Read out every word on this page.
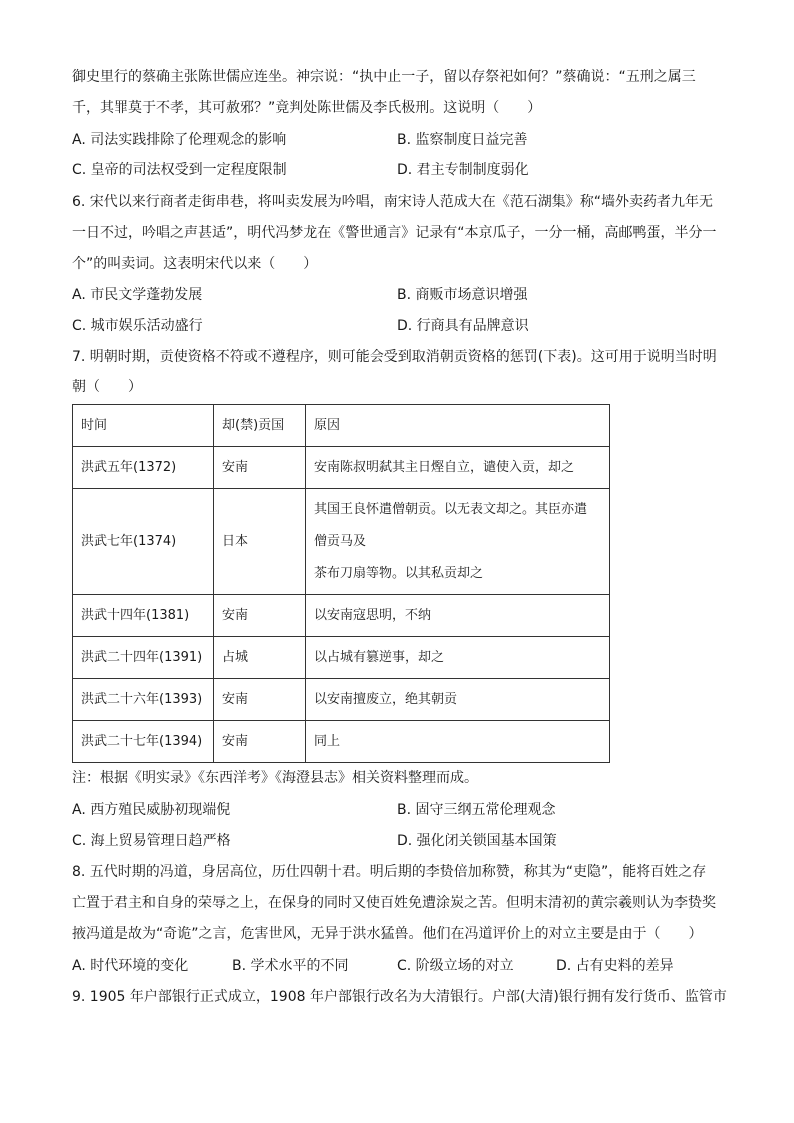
御史里行的蔡确主张陈世儒应连坐。神宗说：“执中止一子，留以存祭祀如何？”蔡确说：“五刑之属三
千，其罪莫于不孝，其可赦邪？”竟判处陈世儒及李氏极刑。这说明（　　）
A. 司法实践排除了伦理观念的影响	B. 监察制度日益完善
C. 皇帝的司法权受到一定程度限制	D. 君主专制制度弱化
6. 宋代以来行商者走街串巷，将叫卖发展为吟唱，南宋诗人范成大在《范石湖集》称“墙外卖药者九年无
一日不过，吟唱之声甚适”，明代冯梦龙在《警世通言》记录有“本京瓜子，一分一桶，高邮鸭蛋，半分一
个”的叫卖词。这表明宋代以来（　　）
A. 市民文学蓬勃发展	B. 商贩市场意识增强
C. 城市娱乐活动盛行	D. 行商具有品牌意识
7. 明朝时期，贡使资格不符或不遵程序，则可能会受到取消朝贡资格的惩罚(下表)。这可用于说明当时明
朝（　　）
时间	却(禁)贡国	原因
洪武五年(1372)	安南	安南陈叔明弑其主日熞自立，谴使入贡，却之
洪武七年(1374)	日本	其国王良怀遣僧朝贡。以无表文却之。其臣亦遣
僧贡马及
茶布刀扇等物。以其私贡却之

洪武十四年(1381)	安南	以安南寇思明，不纳
洪武二十四年(1391)	占城	以占城有篡逆事，却之
洪武二十六年(1393)	安南	以安南擅废立，绝其朝贡
洪武二十七年(1394)	安南	同上
注：根据《明实录》《东西洋考》《海澄县志》相关资料整理而成。
A. 西方殖民威胁初现端倪	B. 固守三纲五常伦理观念
C. 海上贸易管理日趋严格	D. 强化闭关锁国基本国策
8. 五代时期的冯道，身居高位，历仕四朝十君。明后期的李贽倍加称赞，称其为“吏隐”，能将百姓之存
亡置于君主和自身的荣辱之上，在保身的同时又使百姓免遭涂炭之苦。但明末清初的黄宗羲则认为李贽奖
掖冯道是故为“奇诡”之言，危害世风，无异于洪水猛兽。他们在冯道评价上的对立主要是由于（　　）
A. 时代环境的变化	B. 学术水平的不同	C. 阶级立场的对立	D. 占有史料的差异
9. 1905 年户部银行正式成立，1908 年户部银行改名为大清银行。户部(大清)银行拥有发行货币、监管市
